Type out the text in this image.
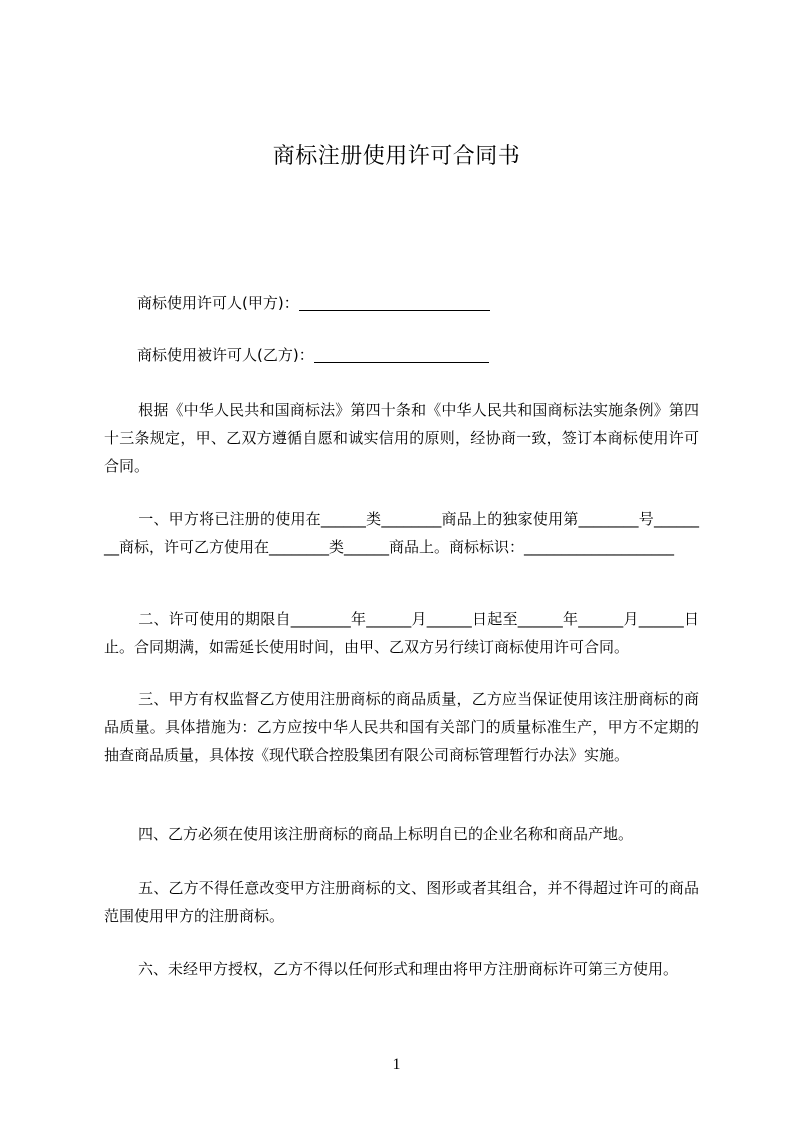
商标注册使用许可合同书
商标使用许可人(甲方)：
商标使用被许可人(乙方)：
根据《中华人民共和国商标法》第四十条和《中华人民共和国商标法实施条例》第四十三条规定，甲、乙双方遵循自愿和诚实信用的原则，经协商一致，签订本商标使用许可合同。
一、甲方将已注册的使用在______类________商品上的独家使用第________号________商标，许可乙方使用在________类______商品上。商标标识：____________________
二、许可使用的期限自________年______月______日起至______年______月______日止。合同期满，如需延长使用时间，由甲、乙双方另行续订商标使用许可合同。
三、甲方有权监督乙方使用注册商标的商品质量，乙方应当保证使用该注册商标的商品质量。具体措施为：乙方应按中华人民共和国有关部门的质量标准生产，甲方不定期的抽查商品质量，具体按《现代联合控股集团有限公司商标管理暂行办法》实施。
四、乙方必须在使用该注册商标的商品上标明自已的企业名称和商品产地。
五、乙方不得任意改变甲方注册商标的文、图形或者其组合，并不得超过许可的商品范围使用甲方的注册商标。
六、未经甲方授权，乙方不得以任何形式和理由将甲方注册商标许可第三方使用。
1
